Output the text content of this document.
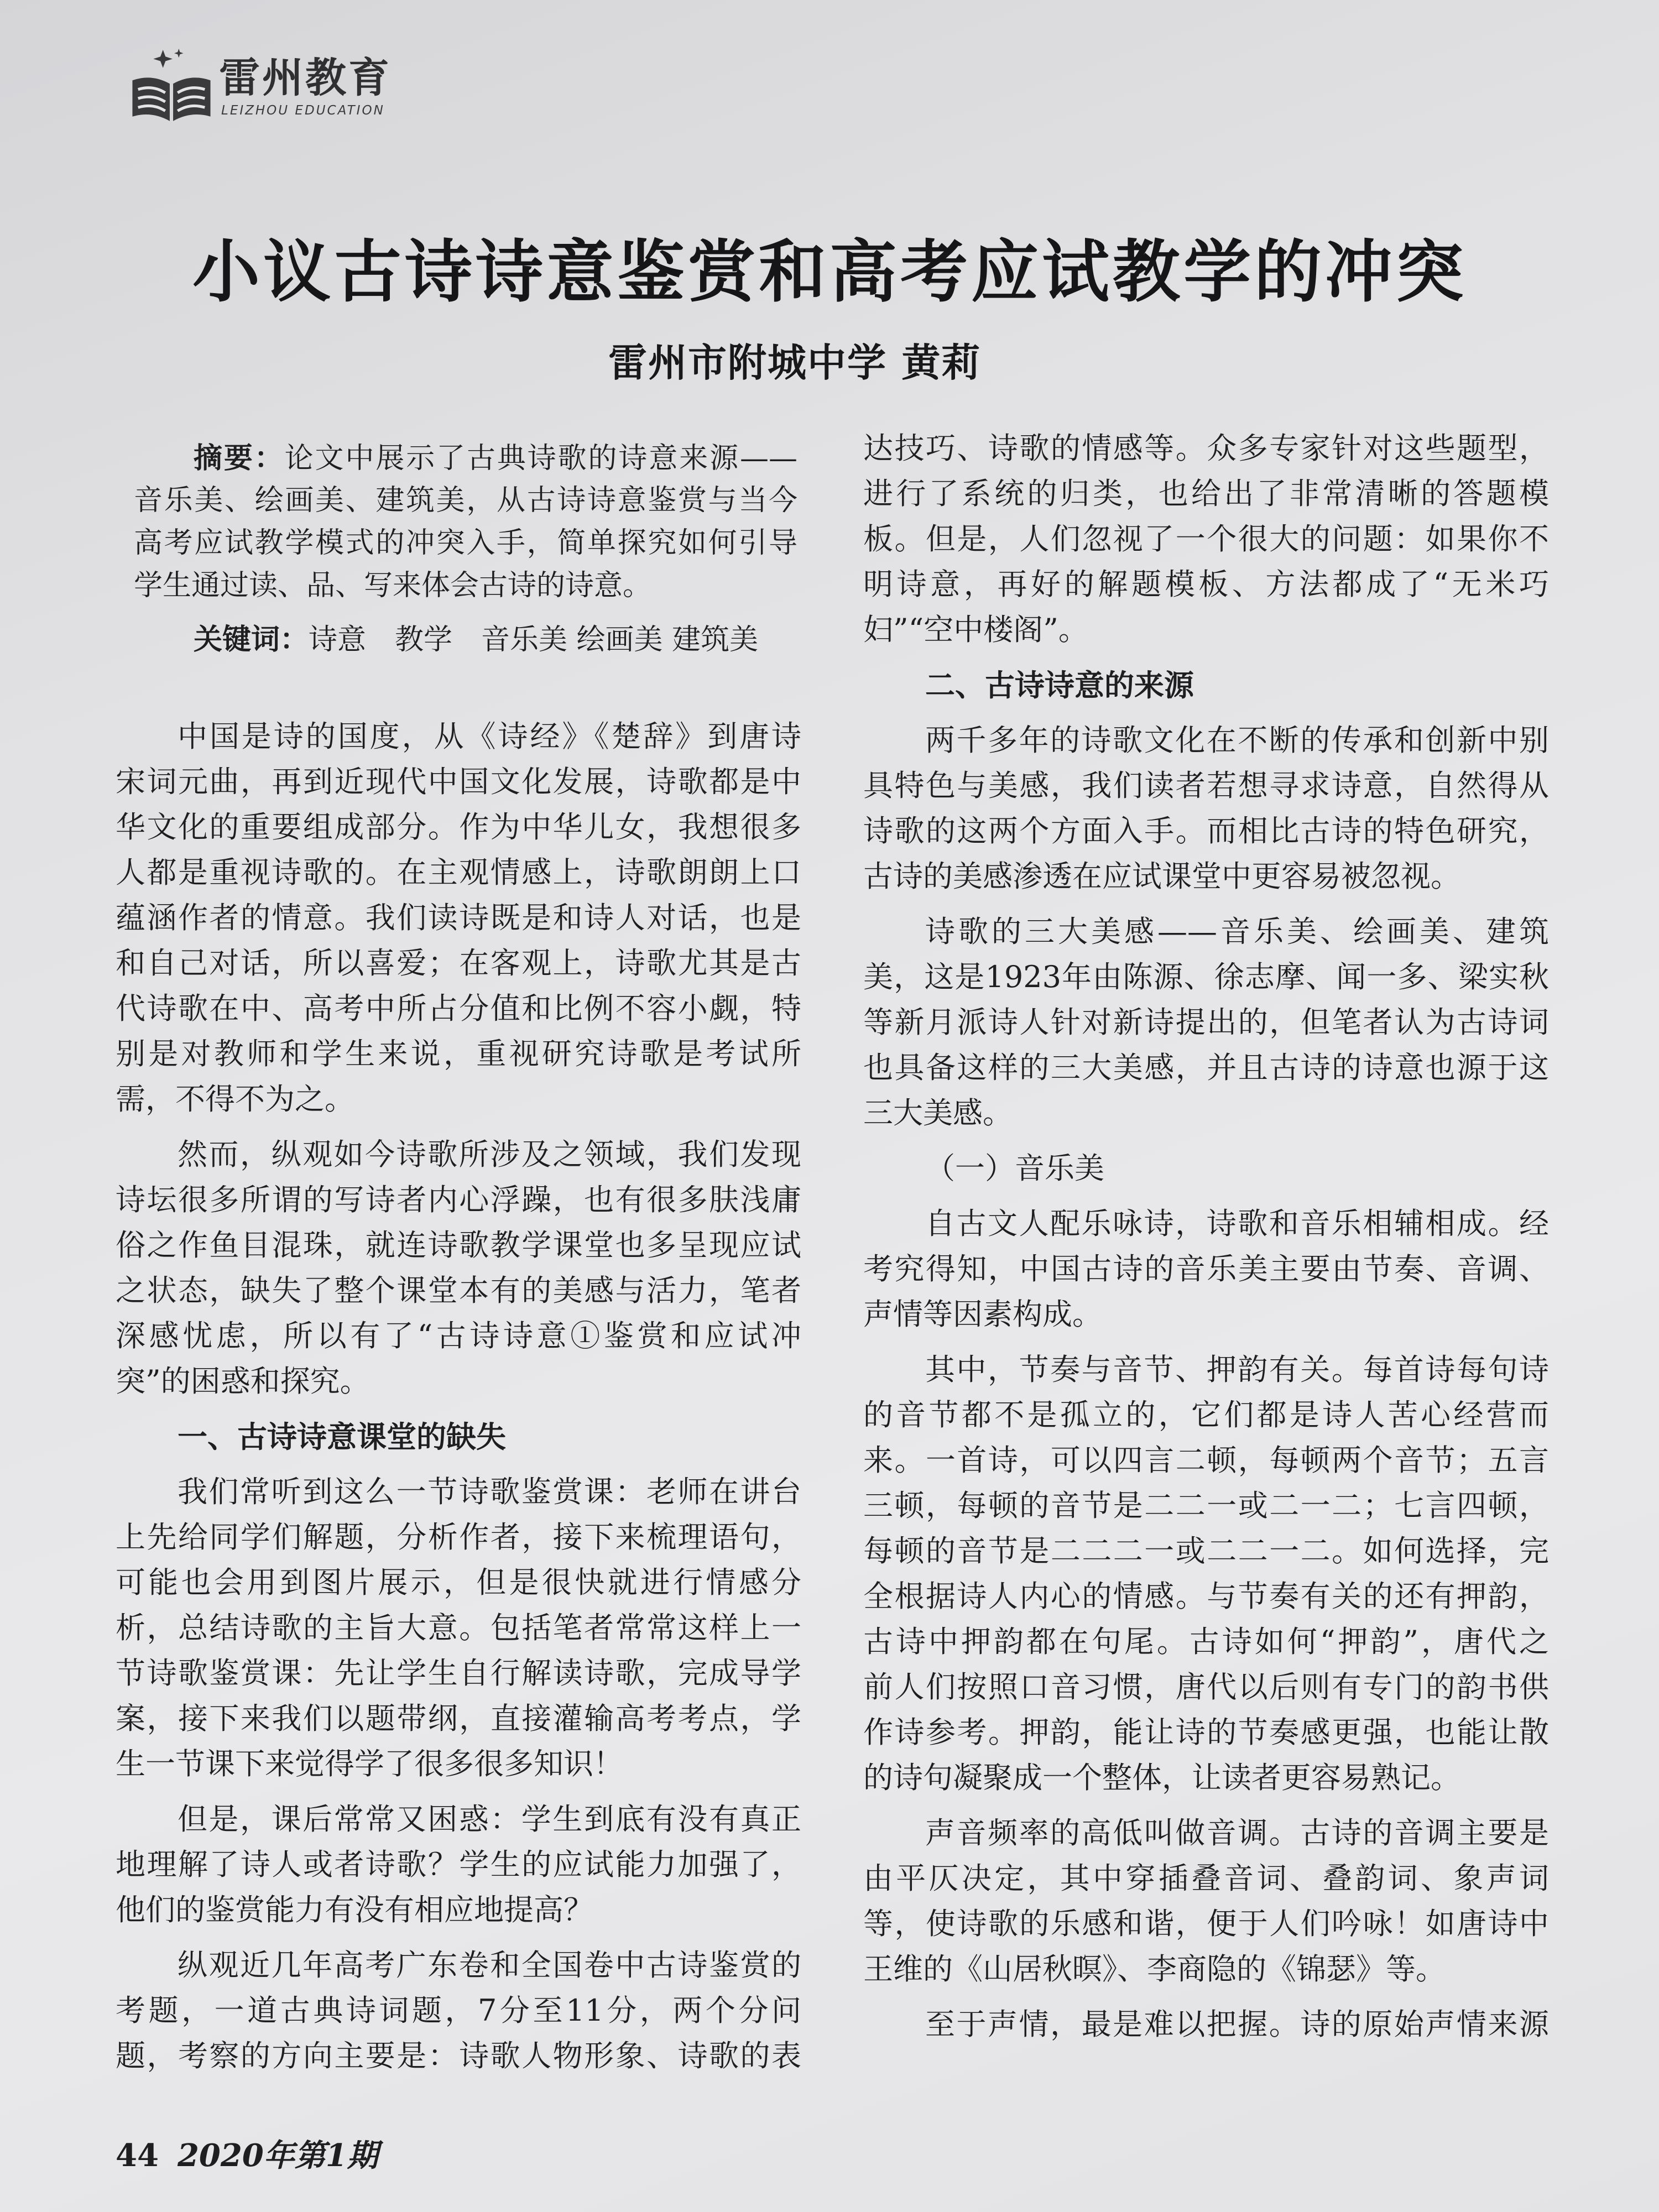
雷州教育
LEIZHOU EDUCATION
小议古诗诗意鉴赏和高考应试教学的冲突
雷州市附城中学 黄莉
摘要：论文中展示了古典诗歌的诗意来源——
音乐美、绘画美、建筑美，从古诗诗意鉴赏与当今
高考应试教学模式的冲突入手，简单探究如何引导
学生通过读、品、写来体会古诗的诗意。
关键词：诗意　教学　音乐美 绘画美 建筑美
中国是诗的国度，从《诗经》《楚辞》到唐诗
宋词元曲，再到近现代中国文化发展，诗歌都是中
华文化的重要组成部分。作为中华儿女，我想很多
人都是重视诗歌的。在主观情感上，诗歌朗朗上口
蕴涵作者的情意。我们读诗既是和诗人对话，也是
和自己对话，所以喜爱；在客观上，诗歌尤其是古
代诗歌在中、高考中所占分值和比例不容小觑，特
别是对教师和学生来说，重视研究诗歌是考试所
需，不得不为之。
然而，纵观如今诗歌所涉及之领域，我们发现
诗坛很多所谓的写诗者内心浮躁，也有很多肤浅庸
俗之作鱼目混珠，就连诗歌教学课堂也多呈现应试
之状态，缺失了整个课堂本有的美感与活力，笔者
深感忧虑，所以有了“古诗诗意①鉴赏和应试冲
突”的困惑和探究。
一、古诗诗意课堂的缺失
我们常听到这么一节诗歌鉴赏课：老师在讲台
上先给同学们解题，分析作者，接下来梳理语句，
可能也会用到图片展示，但是很快就进行情感分
析，总结诗歌的主旨大意。包括笔者常常这样上一
节诗歌鉴赏课：先让学生自行解读诗歌，完成导学
案，接下来我们以题带纲，直接灌输高考考点，学
生一节课下来觉得学了很多很多知识！
但是，课后常常又困惑：学生到底有没有真正
地理解了诗人或者诗歌？学生的应试能力加强了，
他们的鉴赏能力有没有相应地提高？
纵观近几年高考广东卷和全国卷中古诗鉴赏的
考题，一道古典诗词题，7分至11分，两个分问
题，考察的方向主要是：诗歌人物形象、诗歌的表
达技巧、诗歌的情感等。众多专家针对这些题型，
进行了系统的归类，也给出了非常清晰的答题模
板。但是，人们忽视了一个很大的问题：如果你不
明诗意，再好的解题模板、方法都成了“无米巧
妇”“空中楼阁”。
二、古诗诗意的来源
两千多年的诗歌文化在不断的传承和创新中别
具特色与美感，我们读者若想寻求诗意，自然得从
诗歌的这两个方面入手。而相比古诗的特色研究，
古诗的美感渗透在应试课堂中更容易被忽视。
诗歌的三大美感——音乐美、绘画美、建筑
美，这是1923年由陈源、徐志摩、闻一多、梁实秋
等新月派诗人针对新诗提出的，但笔者认为古诗词
也具备这样的三大美感，并且古诗的诗意也源于这
三大美感。
（一）音乐美
自古文人配乐咏诗，诗歌和音乐相辅相成。经
考究得知，中国古诗的音乐美主要由节奏、音调、
声情等因素构成。
其中，节奏与音节、押韵有关。每首诗每句诗
的音节都不是孤立的，它们都是诗人苦心经营而
来。一首诗，可以四言二顿，每顿两个音节；五言
三顿，每顿的音节是二二一或二一二；七言四顿，
每顿的音节是二二二一或二二一二。如何选择，完
全根据诗人内心的情感。与节奏有关的还有押韵，
古诗中押韵都在句尾。古诗如何“押韵”，唐代之
前人们按照口音习惯，唐代以后则有专门的韵书供
作诗参考。押韵，能让诗的节奏感更强，也能让散
的诗句凝聚成一个整体，让读者更容易熟记。
声音频率的高低叫做音调。古诗的音调主要是
由平仄决定，其中穿插叠音词、叠韵词、象声词
等，使诗歌的乐感和谐，便于人们吟咏！如唐诗中
王维的《山居秋暝》、李商隐的《锦瑟》等。
至于声情，最是难以把握。诗的原始声情来源
44 2020年第1期
